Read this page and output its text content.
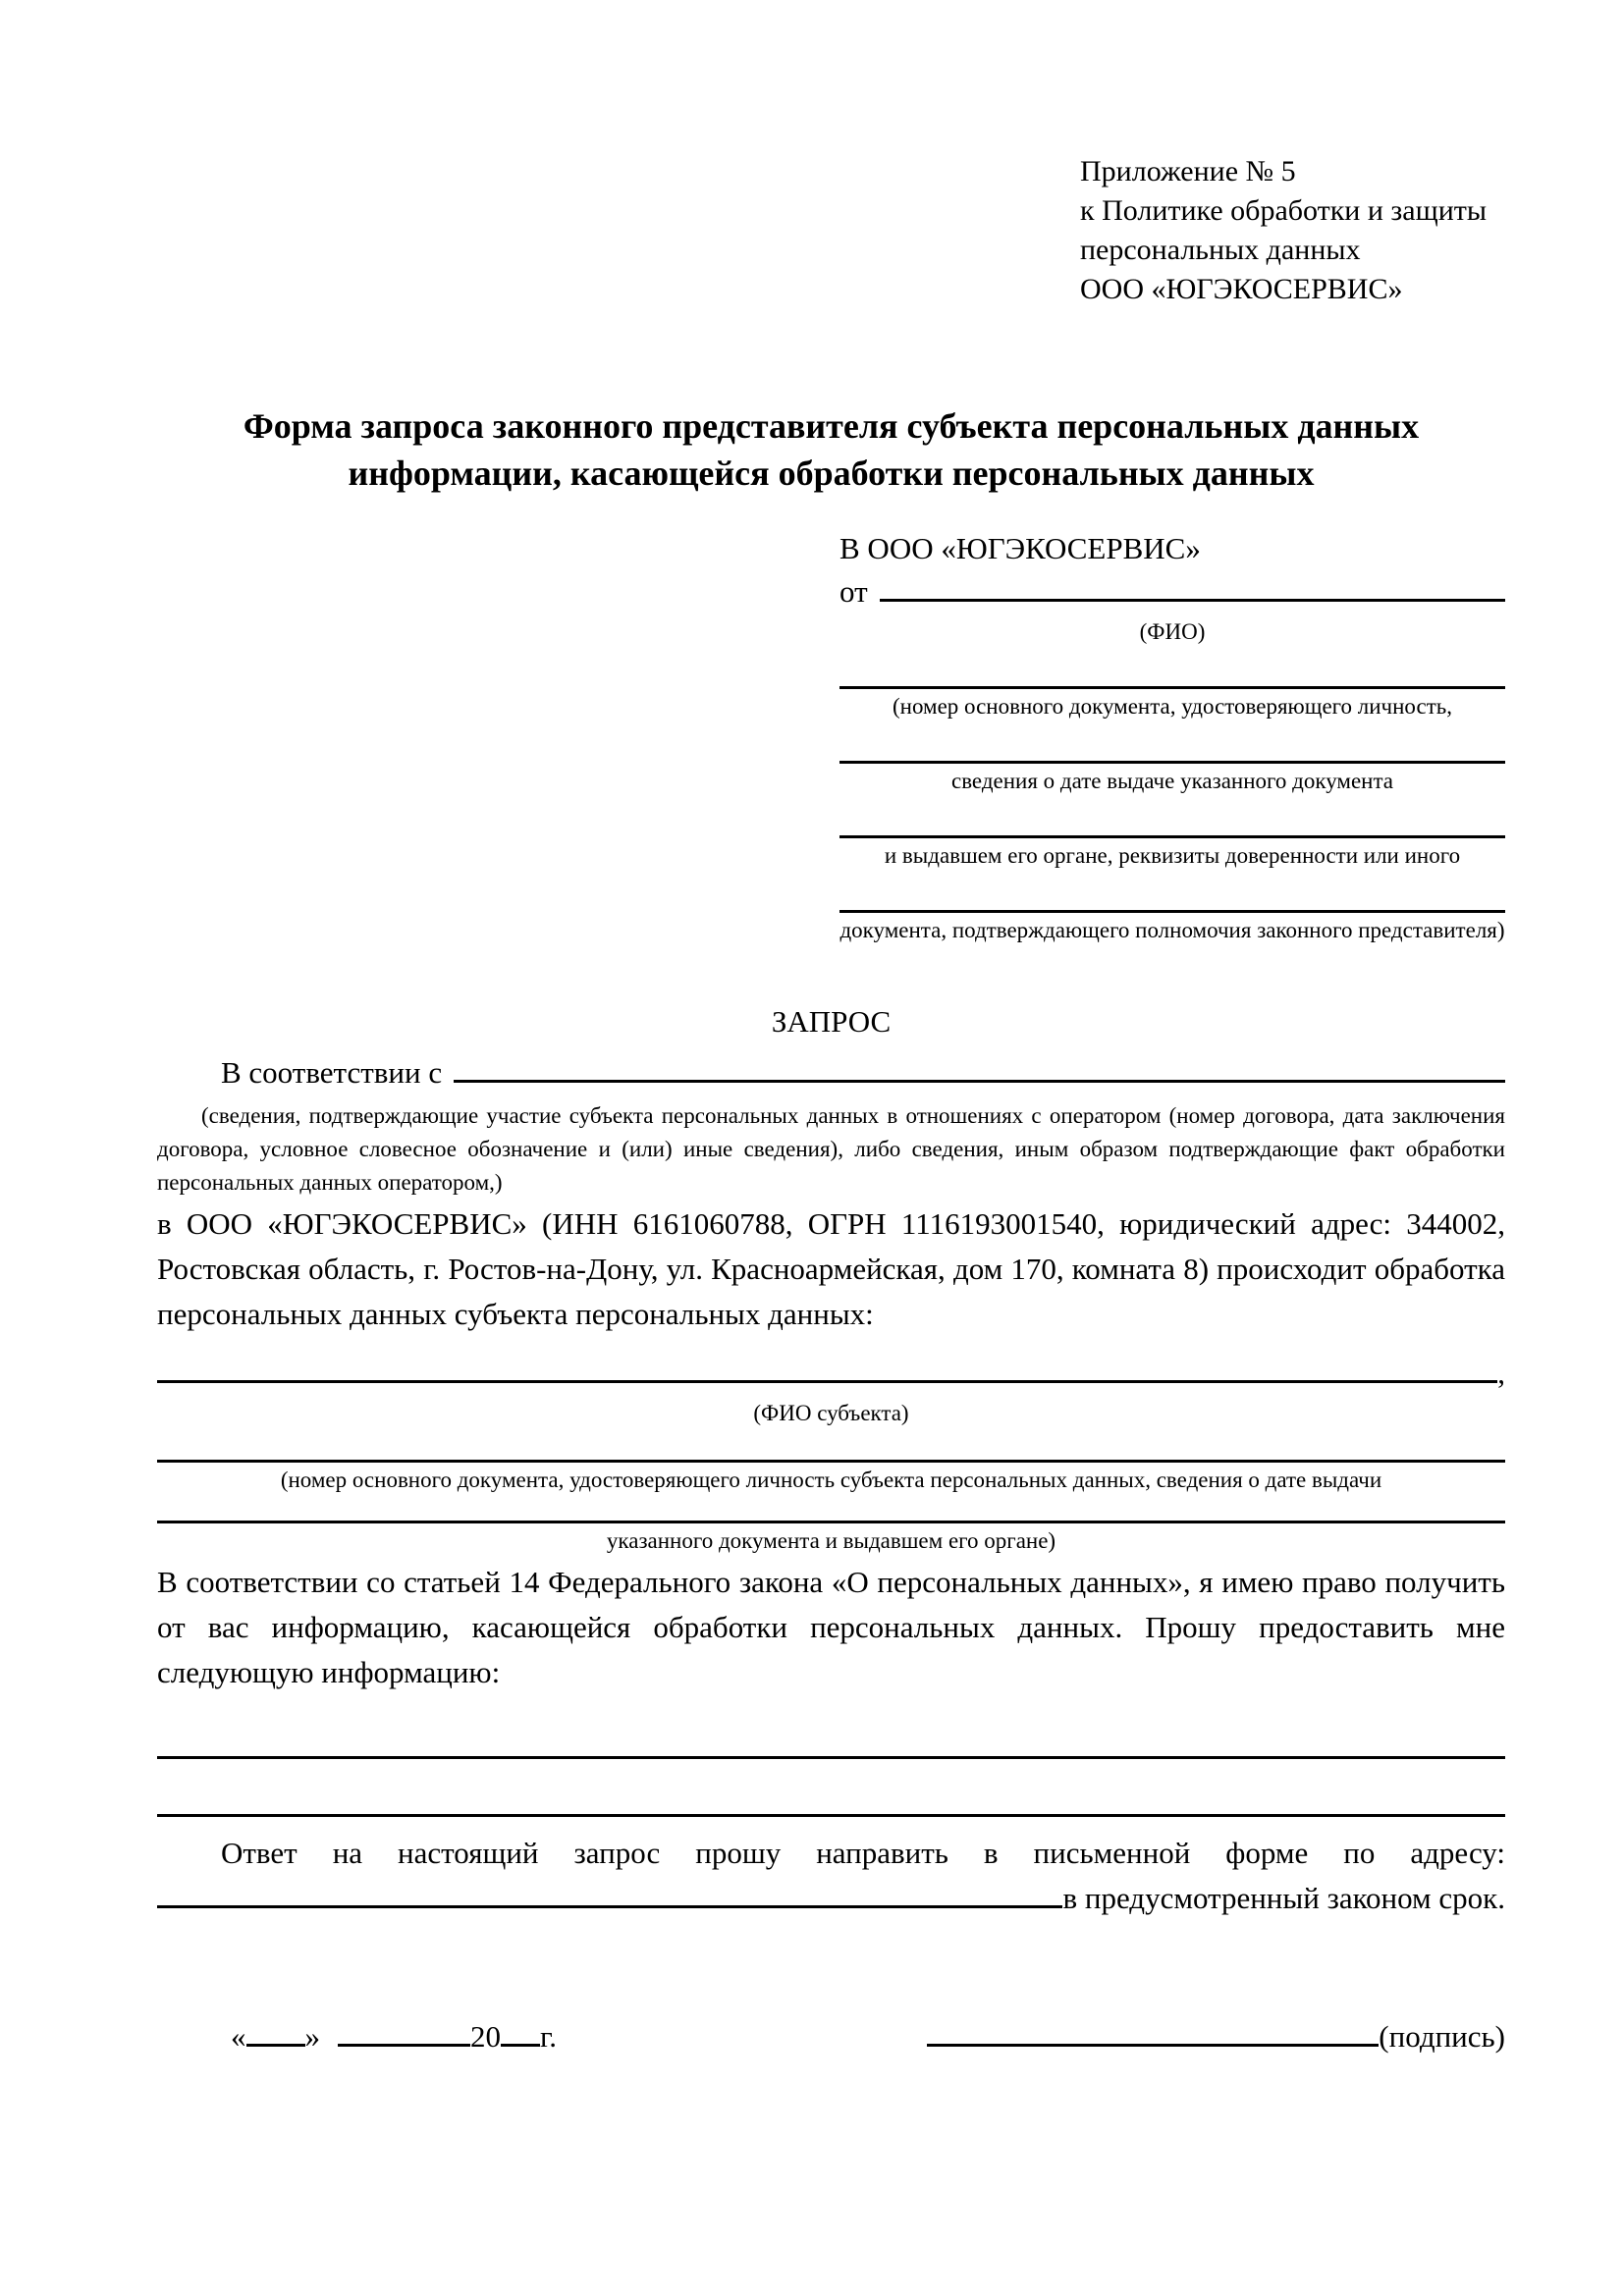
Приложение № 5
к Политике обработки и защиты
персональных данных
ООО «ЮГЭКОСЕРВИС»
Форма запроса законного представителя субъекта персональных данных
информации, касающейся обработки персональных данных
В ООО «ЮГЭКОСЕРВИС»
от
(ФИО)
(номер основного документа, удостоверяющего личность,
сведения о дате выдаче указанного документа
и выдавшем его органе, реквизиты доверенности или иного
документа, подтверждающего полномочия законного представителя)
ЗАПРОС
В соответствии с
(сведения, подтверждающие участие субъекта персональных данных в отношениях с оператором (номер договора, дата заключения договора, условное словесное обозначение и (или) иные сведения), либо сведения, иным образом подтверждающие факт обработки персональных данных оператором,)

в ООО «ЮГЭКОСЕРВИС» (ИНН 6161060788, ОГРН 1116193001540, юридический адрес: 344002, Ростовская область, г. Ростов-на-Дону, ул. Красноармейская, дом 170, комната 8) происходит обработка персональных данных субъекта персональных данных:

,
(ФИО субъекта)
(номер основного документа, удостоверяющего личность субъекта персональных данных, сведения о дате выдачи
указанного документа и выдавшем его органе)

В соответствии со статьей 14 Федерального закона «О персональных данных», я имею право получить от вас информацию, касающейся обработки персональных данных. Прошу предоставить мне следующую информацию:

Ответ на настоящий запрос прошу направить в письменной форме по адресу:
в предусмотренный законом срок.
« »	20 г.	(подпись)
